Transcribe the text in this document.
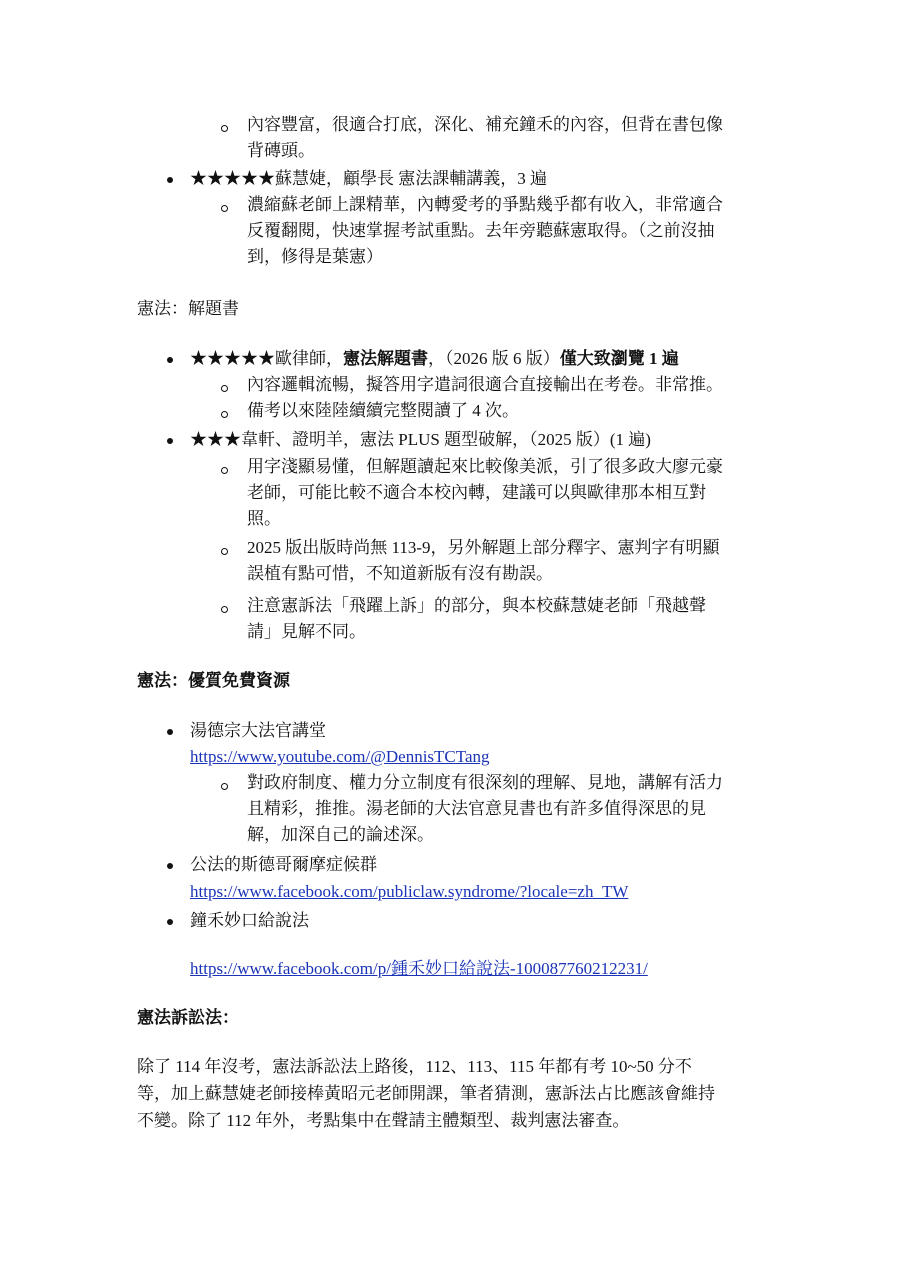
內容豐富，很適合打底，深化、補充鐘禾的內容，但背在書包像
背磚頭。
★★★★★蘇慧婕，顧學長 憲法課輔講義，3 遍
濃縮蘇老師上課精華，內轉愛考的爭點幾乎都有收入，非常適合
反覆翻閱，快速掌握考試重點。去年旁聽蘇憲取得。（之前沒抽
到，修得是葉憲）
憲法：解題書
★★★★★歐律師，憲法解題書，（2026 版 6 版）僅大致瀏覽 1 遍
內容邏輯流暢，擬答用字遣詞很適合直接輸出在考卷。非常推。
備考以來陸陸續續完整閱讀了 4 次。
★★★韋軒、證明羊，憲法 PLUS 題型破解，（2025 版）(1 遍)
用字淺顯易懂，但解題讀起來比較像美派，引了很多政大廖元豪
老師，可能比較不適合本校內轉，建議可以與歐律那本相互對
照。
2025 版出版時尚無 113-9，另外解題上部分釋字、憲判字有明顯
誤植有點可惜，不知道新版有沒有勘誤。
注意憲訴法「飛躍上訴」的部分，與本校蘇慧婕老師「飛越聲
請」見解不同。
憲法：優質免費資源
湯德宗大法官講堂
https://www.youtube.com/@DennisTCTang
對政府制度、權力分立制度有很深刻的理解、見地，講解有活力
且精彩，推推。湯老師的大法官意見書也有許多值得深思的見
解，加深自己的論述深。
公法的斯德哥爾摩症候群
https://www.facebook.com/publiclaw.syndrome/?locale=zh_TW
鐘禾妙口給說法
https://www.facebook.com/p/鍾禾妙口給說法-100087760212231/
憲法訴訟法：
除了 114 年沒考，憲法訴訟法上路後，112、113、115 年都有考 10~50 分不
等，加上蘇慧婕老師接棒黃昭元老師開課，筆者猜測，憲訴法占比應該會維持
不變。除了 112 年外，考點集中在聲請主體類型、裁判憲法審查。
